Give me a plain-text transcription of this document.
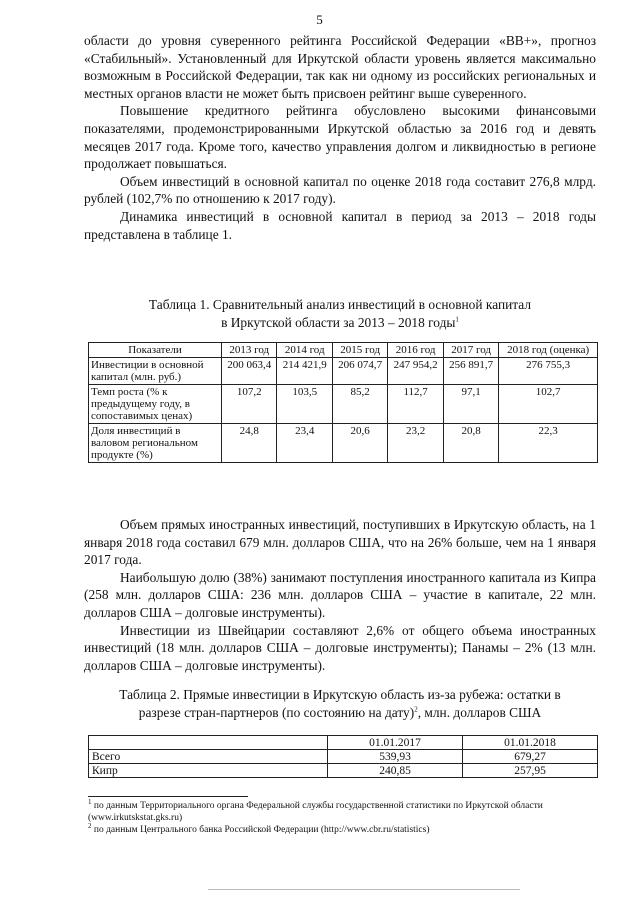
5

области до уровня суверенного рейтинга Российской Федерации «BB+», прогноз «Стабильный». Установленный для Иркутской области уровень является максимально возможным в Российской Федерации, так как ни одному из российских региональных и местных органов власти не может быть присвоен рейтинг выше суверенного.

Повышение кредитного рейтинга обусловлено высокими финансовыми показателями, продемонстрированными Иркутской областью за 2016 год и девять месяцев 2017 года. Кроме того, качество управления долгом и ликвидностью в регионе продолжает повышаться.

Объем инвестиций в основной капитал по оценке 2018 года составит 276,8 млрд. рублей (102,7% по отношению к 2017 году).

Динамика инвестиций в основной капитал в период за 2013 – 2018 годы представлена в таблице 1.

Таблица 1. Сравнительный анализ инвестиций в основной капитал

в Иркутской области за 2013 – 2018 годы$^1$

Показатели	2013 год	2014 год	2015 год	2016 год	2017 год	2018 год (оценка)
Инвестиции в основной капитал (млн. руб.)	200 063,4	214 421,9	206 074,7	247 954,2	256 891,7	276 755,3
Темп роста (% к предыдущему году, в сопоставимых ценах)	107,2	103,5	85,2	112,7	97,1	102,7
Доля инвестиций в валовом региональном продукте (%)	24,8	23,4	20,6	23,2	20,8	22,3

Объем прямых иностранных инвестиций, поступивших в Иркутскую область, на 1 января 2018 года составил 679 млн. долларов США, что на 26% больше, чем на 1 января 2017 года.

Наибольшую долю (38%) занимают поступления иностранного капитала из Кипра (258 млн. долларов США: 236 млн. долларов США – участие в капитале, 22 млн. долларов США – долговые инструменты).

Инвестиции из Швейцарии составляют 2,6% от общего объема иностранных инвестиций (18 млн. долларов США – долговые инструменты); Панамы – 2% (13 млн. долларов США – долговые инструменты).

Таблица 2. Прямые инвестиции в Иркутскую область из-за рубежа: остатки в

разрезе стран-партнеров (по состоянию на дату)$^2$, млн. долларов США

	01.01.2017	01.01.2018
Всего	539,93	679,27
Кипр	240,85	257,95

$^1$ по данным Территориального органа Федеральной службы государственной статистики по Иркутской области (www.irkutskstat.gks.ru)

$^2$ по данным Центрального банка Российской Федерации (http://www.cbr.ru/statistics)
